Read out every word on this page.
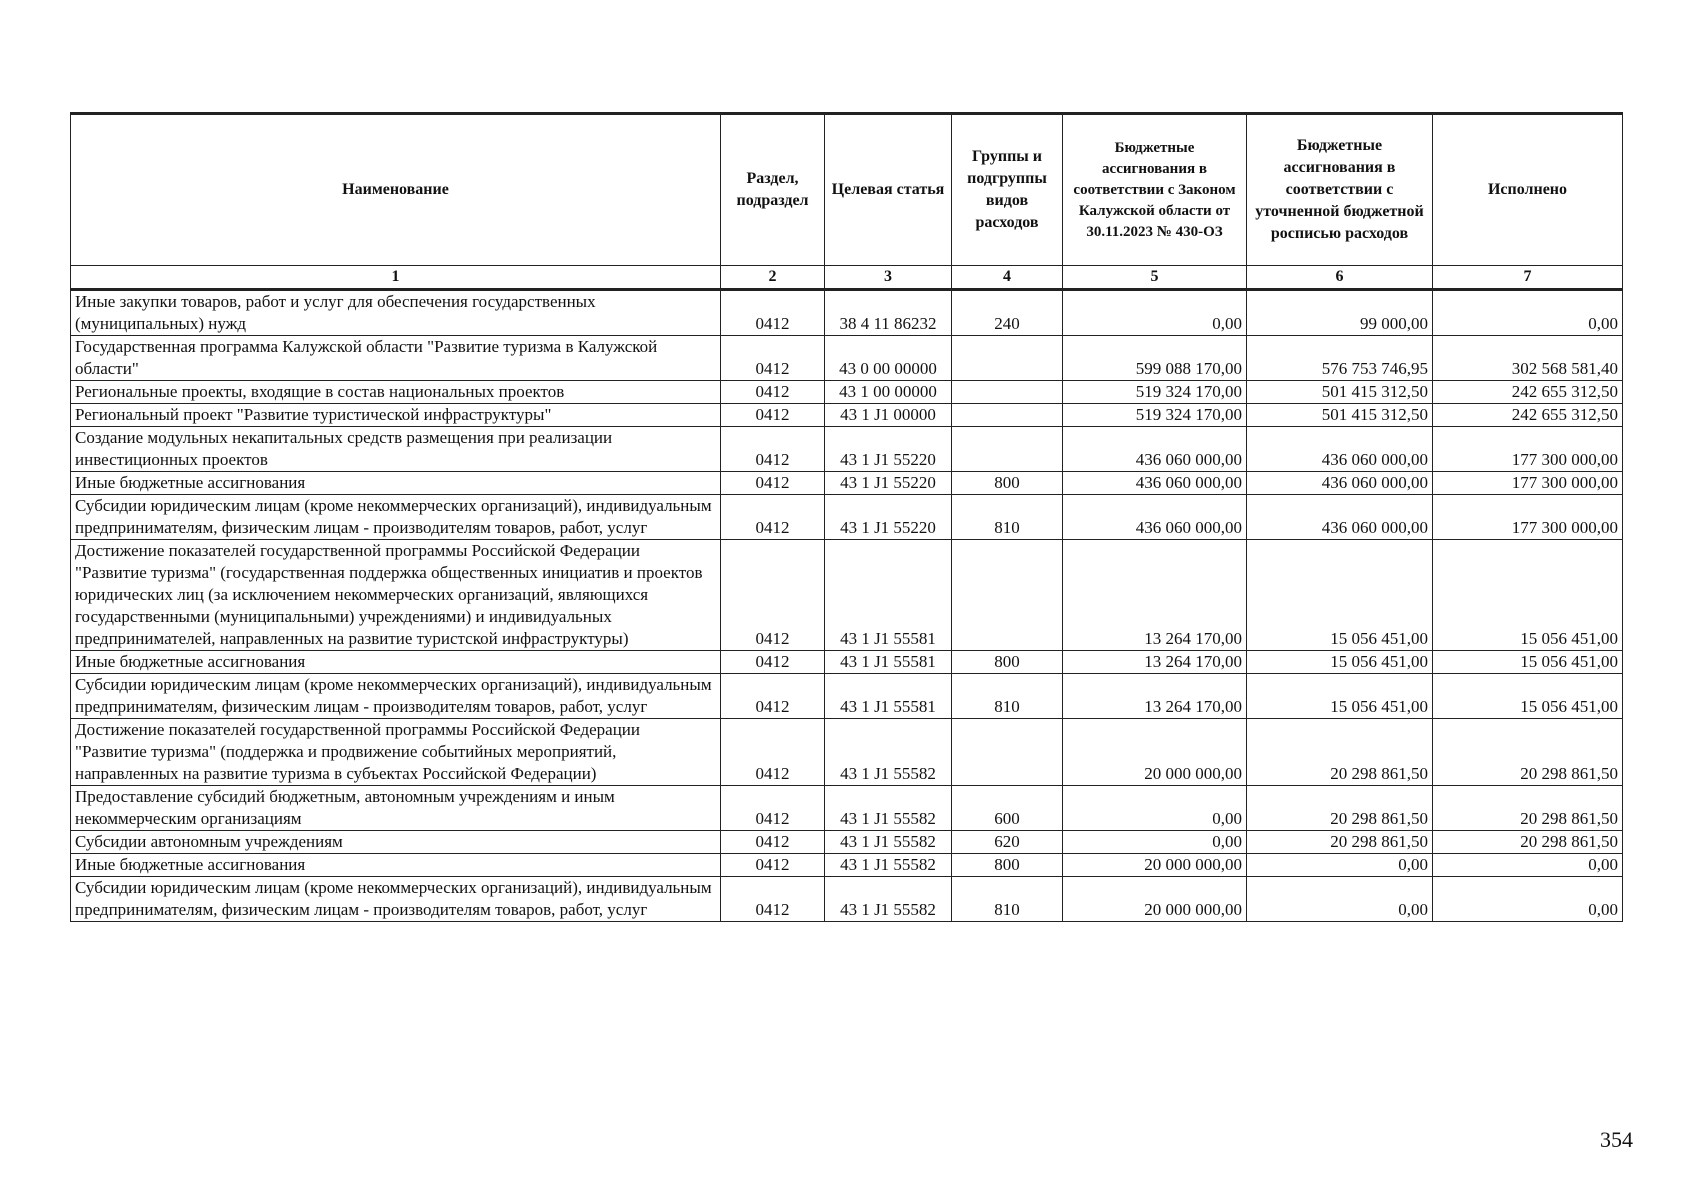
Наименование	Раздел, подраздел	Целевая статья	Группы и подгруппы видов расходов	Бюджетные ассигнования в соответствии с Законом Калужской области от 30.11.2023 № 430-ОЗ	Бюджетные ассигнования в соответствии с уточненной бюджетной росписью расходов	Исполнено
1	2	3	4	5	6	7
Иные закупки товаров, работ и услуг для обеспечения государственных (муниципальных) нужд	0412	38 4 11 86232	240	0,00	99 000,00	0,00
Государственная программа Калужской области "Развитие туризма в Калужской области"	0412	43 0 00 00000		599 088 170,00	576 753 746,95	302 568 581,40
Региональные проекты, входящие в состав национальных проектов	0412	43 1 00 00000		519 324 170,00	501 415 312,50	242 655 312,50
Региональный проект "Развитие туристической инфраструктуры"	0412	43 1 J1 00000		519 324 170,00	501 415 312,50	242 655 312,50
Создание модульных некапитальных средств размещения при реализации инвестиционных проектов	0412	43 1 J1 55220		436 060 000,00	436 060 000,00	177 300 000,00
Иные бюджетные ассигнования	0412	43 1 J1 55220	800	436 060 000,00	436 060 000,00	177 300 000,00
Субсидии юридическим лицам (кроме некоммерческих организаций), индивидуальным предпринимателям, физическим лицам - производителям товаров, работ, услуг	0412	43 1 J1 55220	810	436 060 000,00	436 060 000,00	177 300 000,00
Достижение показателей государственной программы Российской Федерации "Развитие туризма" (государственная поддержка общественных инициатив и проектов юридических лиц (за исключением некоммерческих организаций, являющихся государственными (муниципальными) учреждениями) и индивидуальных предпринимателей, направленных на развитие туристской инфраструктуры)	0412	43 1 J1 55581		13 264 170,00	15 056 451,00	15 056 451,00
Иные бюджетные ассигнования	0412	43 1 J1 55581	800	13 264 170,00	15 056 451,00	15 056 451,00
Субсидии юридическим лицам (кроме некоммерческих организаций), индивидуальным предпринимателям, физическим лицам - производителям товаров, работ, услуг	0412	43 1 J1 55581	810	13 264 170,00	15 056 451,00	15 056 451,00
Достижение показателей государственной программы Российской Федерации "Развитие туризма" (поддержка и продвижение событийных мероприятий, направленных на развитие туризма в субъектах Российской Федерации)	0412	43 1 J1 55582		20 000 000,00	20 298 861,50	20 298 861,50
Предоставление субсидий бюджетным, автономным учреждениям и иным некоммерческим организациям	0412	43 1 J1 55582	600	0,00	20 298 861,50	20 298 861,50
Субсидии автономным учреждениям	0412	43 1 J1 55582	620	0,00	20 298 861,50	20 298 861,50
Иные бюджетные ассигнования	0412	43 1 J1 55582	800	20 000 000,00	0,00	0,00
Субсидии юридическим лицам (кроме некоммерческих организаций), индивидуальным предпринимателям, физическим лицам - производителям товаров, работ, услуг	0412	43 1 J1 55582	810	20 000 000,00	0,00	0,00
354
